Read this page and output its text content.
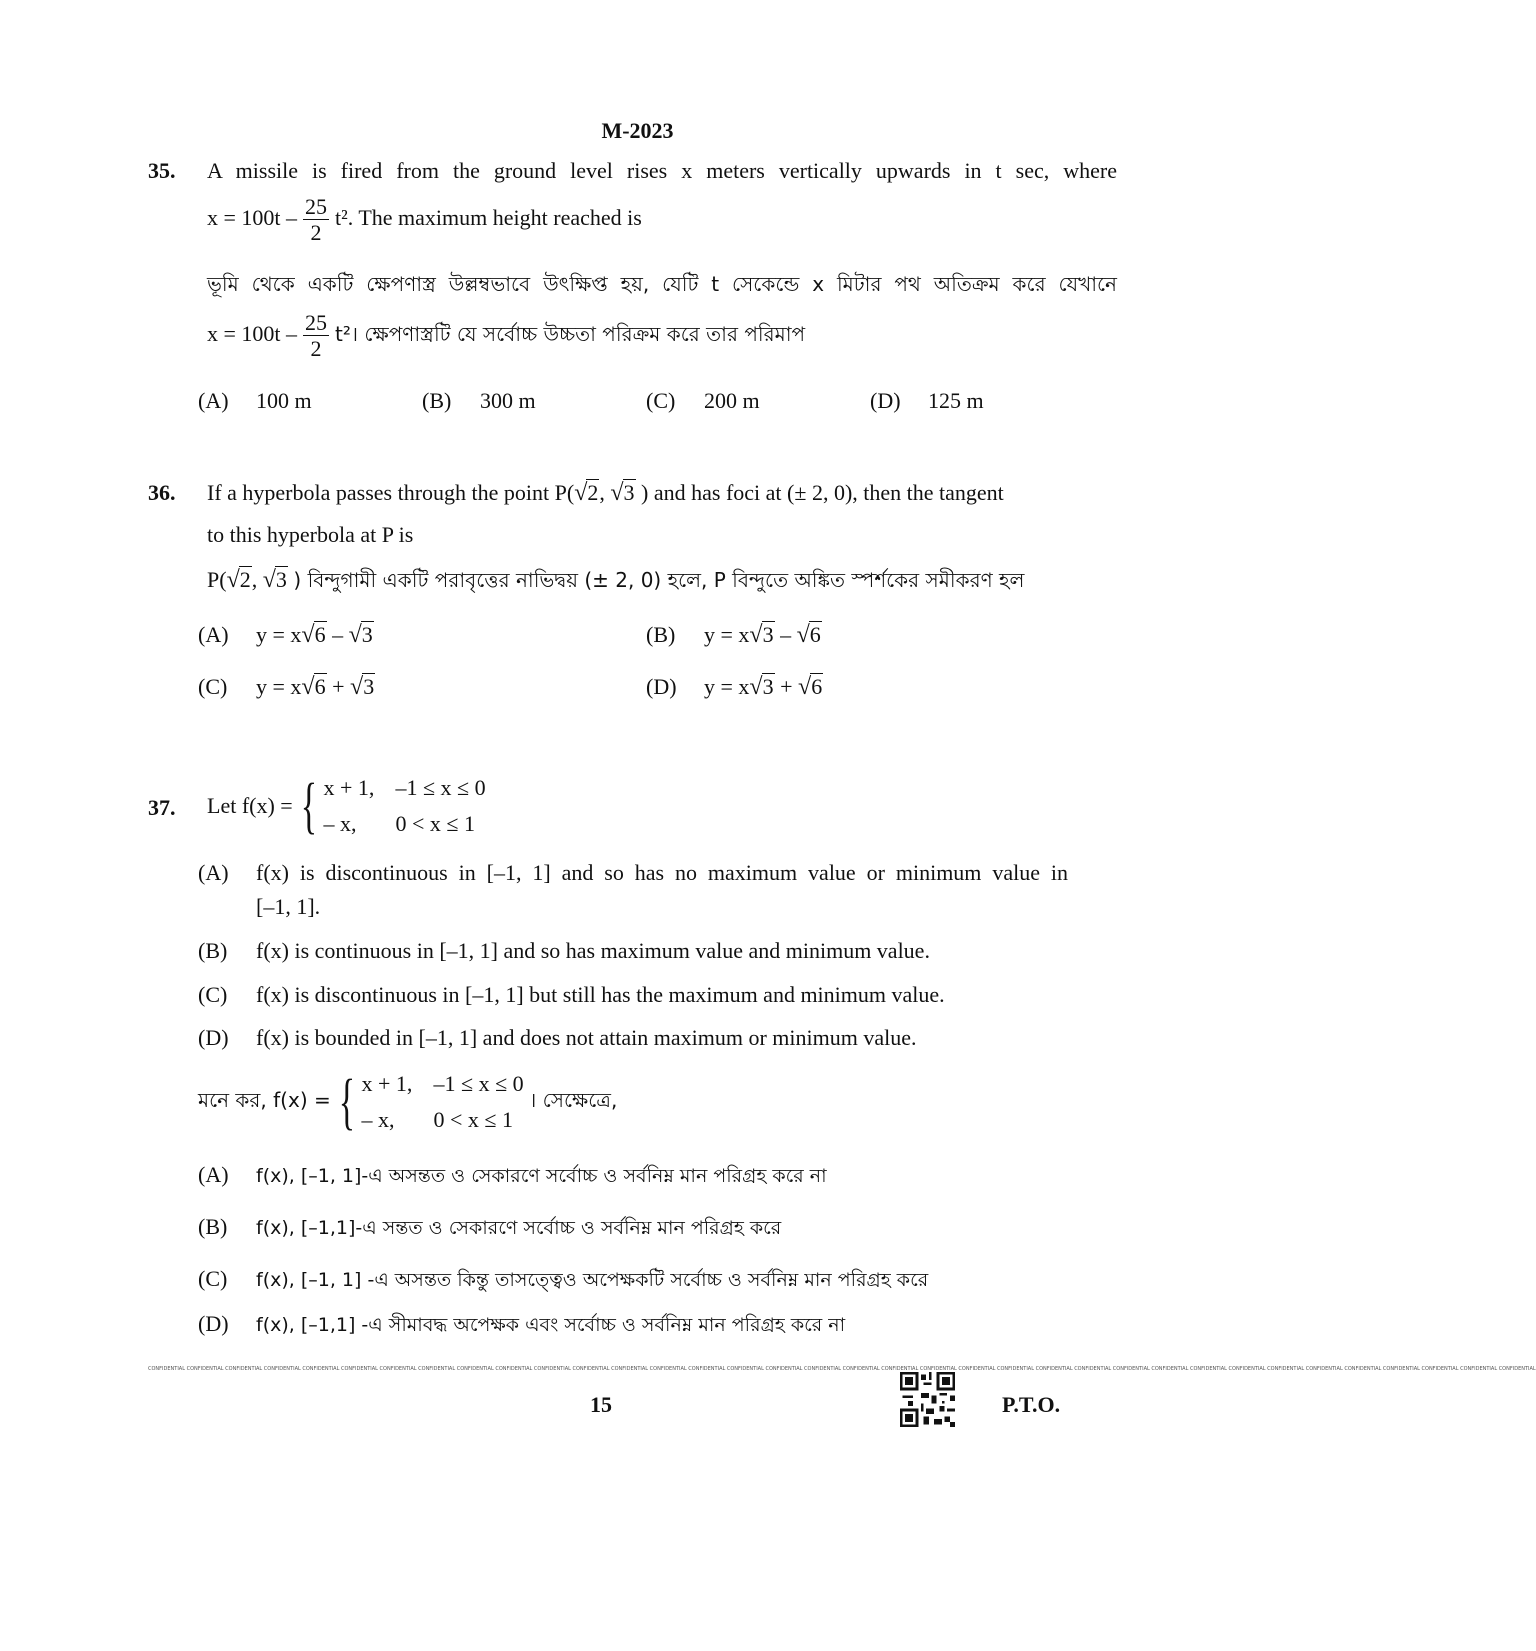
M-2023
35. A missile is fired from the ground level rises x meters vertically upwards in t sec, where
$x = 100t - \frac{25}{2} t^2$. The maximum height reached is
ভূমি থেকে একটি ক্ষেপণাস্ত্র উল্লম্বভাবে উৎক্ষিপ্ত হয়, যেটি t সেকেন্ডে x মিটার পথ অতিক্রম করে যেখানে
$x = 100t - \frac{25}{2}$ t²। ক্ষেপণাস্ত্রটি যে সর্বোচ্চ উচ্চতা পরিক্রম করে তার পরিমাপ
(A) 100 m	(B) 300 m	(C) 200 m	(D) 125 m
36. If a hyperbola passes through the point P(√2, √3 ) and has foci at (± 2, 0), then the tangent
to this hyperbola at P is
P(√2, √3 ) বিন্দুগামী একটি পরাবৃত্তের নাভিদ্বয় (± 2, 0) হলে, P বিন্দুতে অঙ্কিত স্পর্শকের সমীকরণ হল
(A) y = x√6 – √3	(B) y = x√3 – √6
(C) y = x√6 + √3	(D) y = x√3 + √6
37. Let f(x) = { x + 1, –1 ≤ x ≤ 0
– x, 0 < x ≤ 1
(A)	f(x) is discontinuous in [–1, 1] and so has no maximum value or minimum value in
[–1, 1].
(B) f(x) is continuous in [–1, 1] and so has maximum value and minimum value.
(C) f(x) is discontinuous in [–1, 1] but still has the maximum and minimum value.
(D) f(x) is bounded in [–1, 1] and does not attain maximum or minimum value.
মনে কর, f(x) = { x + 1, –1 ≤ x ≤ 0
– x, 0 < x ≤ 1
। সেক্ষেত্রে,
(A) f(x), [–1, 1]-এ অসন্তত ও সেকারণে সর্বোচ্চ ও সর্বনিম্ন মান পরিগ্রহ করে না
(B) f(x), [–1,1]-এ সন্তত ও সেকারণে সর্বোচ্চ ও সর্বনিম্ন মান পরিগ্রহ করে
(C) f(x), [–1, 1] -এ অসন্তত কিন্তু তাসত্ত্বেও অপেক্ষকটি সর্বোচ্চ ও সর্বনিম্ন মান পরিগ্রহ করে
(D) f(x), [–1,1] -এ সীমাবদ্ধ অপেক্ষক এবং সর্বোচ্চ ও সর্বনিম্ন মান পরিগ্রহ করে না
CONFIDENTIAL CONFIDENTIAL CONFIDENTIAL CONFIDENTIAL CONFIDENTIAL CONFIDENTIAL CONFIDENTIAL CONFIDENTIAL CONFIDENTIAL CONFIDENTIAL CONFIDENTIAL CONFIDENTIAL CONFIDENTIAL CONFIDENTIAL CONFIDENTIAL CONFIDENTIAL CONFIDENTIAL CONFIDENTIAL CONFIDENTIAL CONFIDENTIAL CONFIDENTIAL CONFIDENTIAL CONFIDENTIAL CONFIDENTIAL CONFIDENTIAL CONFIDENTIAL CONFIDENTIAL CONFIDENTIAL CONFIDENTIAL CONFIDENTIAL CONFIDENTIAL CONFIDENTIAL CONFIDENTIAL CONFIDENTIAL CONFIDENTIAL CONFIDENTIAL
15	P.T.O.
